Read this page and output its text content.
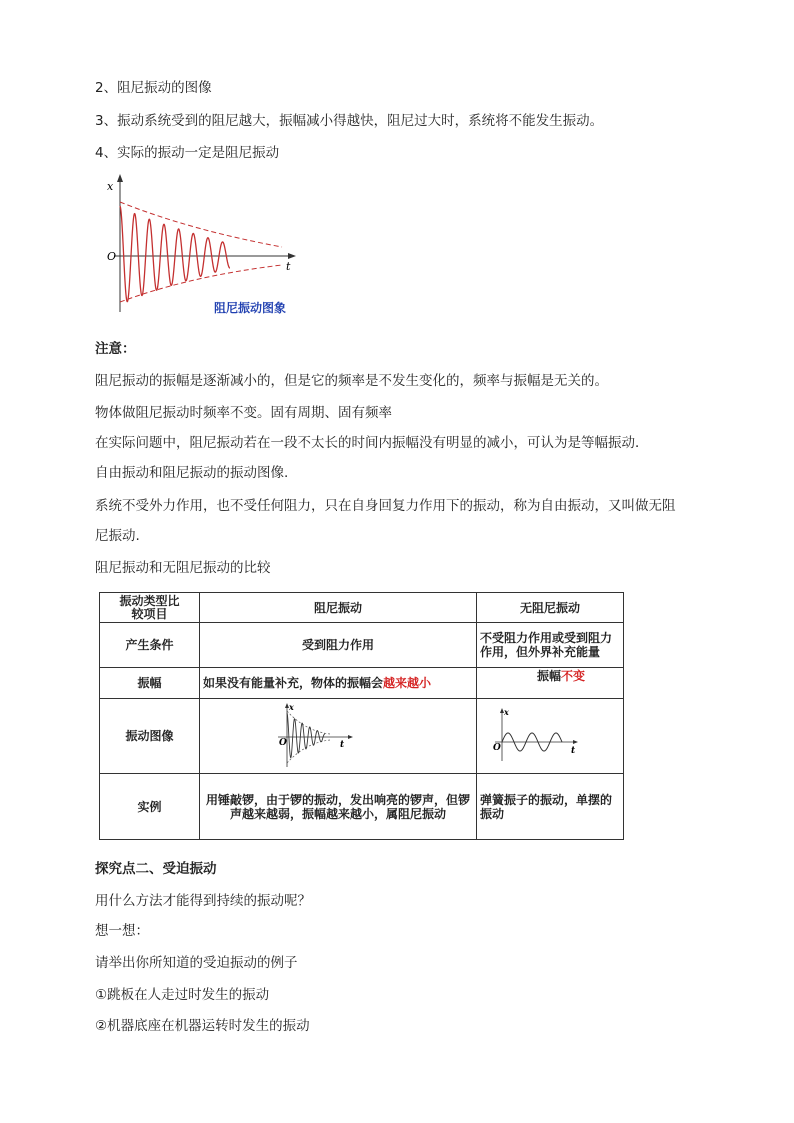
2、阻尼振动的图像
3、振动系统受到的阻尼越大，振幅减小得越快，阻尼过大时，系统将不能发生振动。
4、实际的振动一定是阻尼振动
x
O
t
阻尼振动图象
注意：
阻尼振动的振幅是逐渐减小的，但是它的频率是不发生变化的，频率与振幅是无关的。
物体做阻尼振动时频率不变。固有周期、固有频率
在实际问题中，阻尼振动若在一段不太长的时间内振幅没有明显的减小，可认为是等幅振动．
自由振动和阻尼振动的振动图像.
系统不受外力作用，也不受任何阻力，只在自身回复力作用下的振动，称为自由振动，又叫做无阻
尼振动.
阻尼振动和无阻尼振动的比较
振动类型比
较项目	阻尼振动	无阻尼振动
产生条件	受到阻力作用	不受阻力作用或受到阻力作用，但外界补充能量
振幅	如果没有能量补充，物体的振幅会越来越小	振幅不变
振动图像	x
O t	x
O t

实例	用锤敲锣，由于锣的振动，发出响亮的锣声，但锣声越来越弱，振幅越来越小，属阻尼振动	弹簧振子的振动，单摆的振动
探究点二、受迫振动
用什么方法才能得到持续的振动呢？
想一想：
请举出你所知道的受迫振动的例子
①跳板在人走过时发生的振动
②机器底座在机器运转时发生的振动
